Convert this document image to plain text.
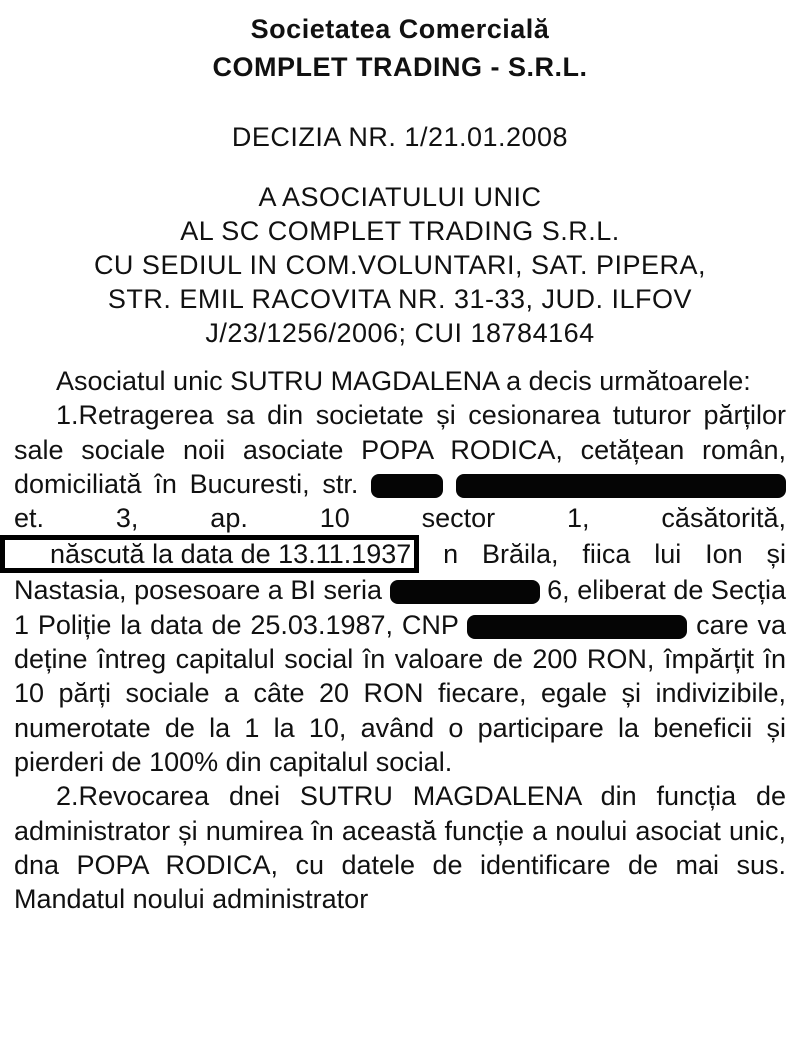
Societatea Comercială
COMPLET TRADING - S.R.L.
DECIZIA NR. 1/21.01.2008
A ASOCIATULUI UNIC
AL SC COMPLET TRADING S.R.L.
CU SEDIUL IN COM.VOLUNTARI, SAT. PIPERA,
STR. EMIL RACOVITA NR. 31-33, JUD. ILFOV
J/23/1256/2006; CUI 18784164

Asociatul unic SUTRU MAGDALENA a decis următoarele:

1.Retragerea sa din societate și cesionarea tuturor părților sale sociale noii asociate POPA RODICA, cetățean român, domiciliată în Bucuresti, str.   et. 3, ap. 10 sector 1, căsătorită, născută la data de 13.11.1937 n Brăila, fiica lui Ion și Nastasia, posesoare a BI seria	6, eliberat de Secția 1 Poliție la data de 25.03.1987, CNP	care va deține întreg capitalul social în valoare de 200 RON, împărțit în 10 părți sociale a câte 20 RON fiecare, egale și indivizibile, numerotate de la 1 la 10, având o participare la beneficii și pierderi de 100% din capitalul social.

2.Revocarea dnei SUTRU MAGDALENA din funcția de administrator și numirea în această funcție a noului asociat unic, dna POPA RODICA, cu datele de identificare de mai sus. Mandatul noului administrator
